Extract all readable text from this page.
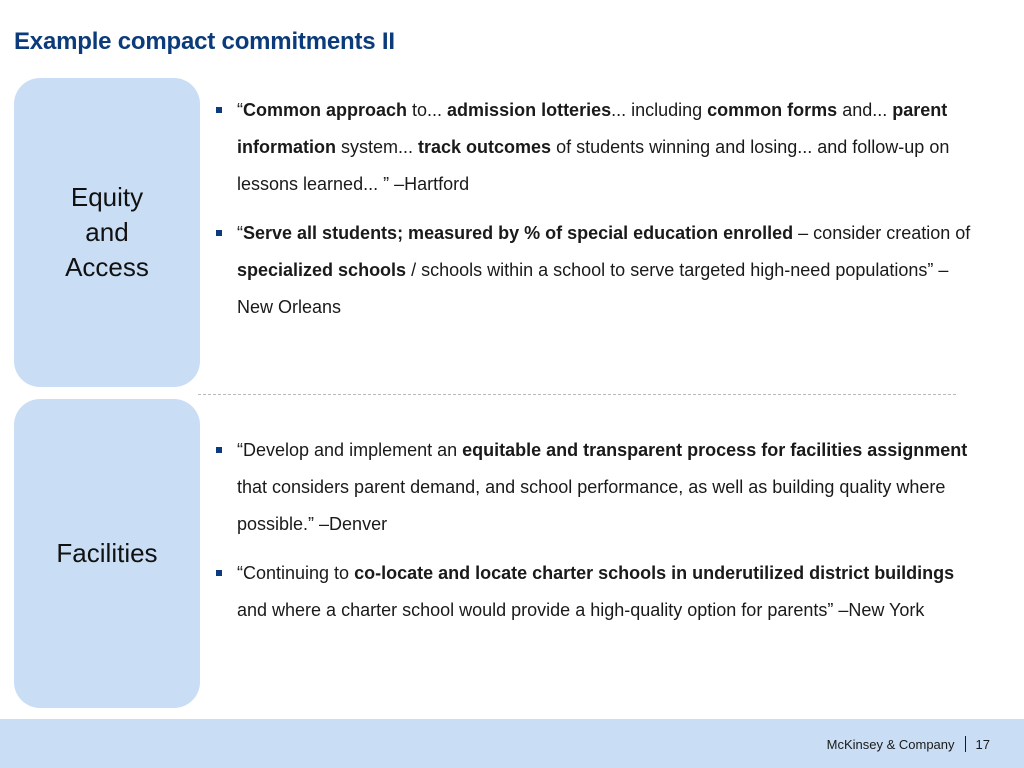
Example compact commitments II
Equity and Access
“Common approach to... admission lotteries... including common forms and... parent information system... track outcomes of students winning and losing... and follow-up on lessons learned... ” –Hartford
“Serve all students; measured by % of special education enrolled – consider creation of specialized schools / schools within a school to serve targeted high-need populations” –New Orleans
Facilities
“Develop and implement an equitable and transparent process for facilities assignment that considers parent demand, and school performance, as well as building quality where possible.” –Denver
“Continuing to co-locate and locate charter schools in underutilized district buildings and where a charter school would provide a high-quality option for parents” –New York
McKinsey & Company 17
